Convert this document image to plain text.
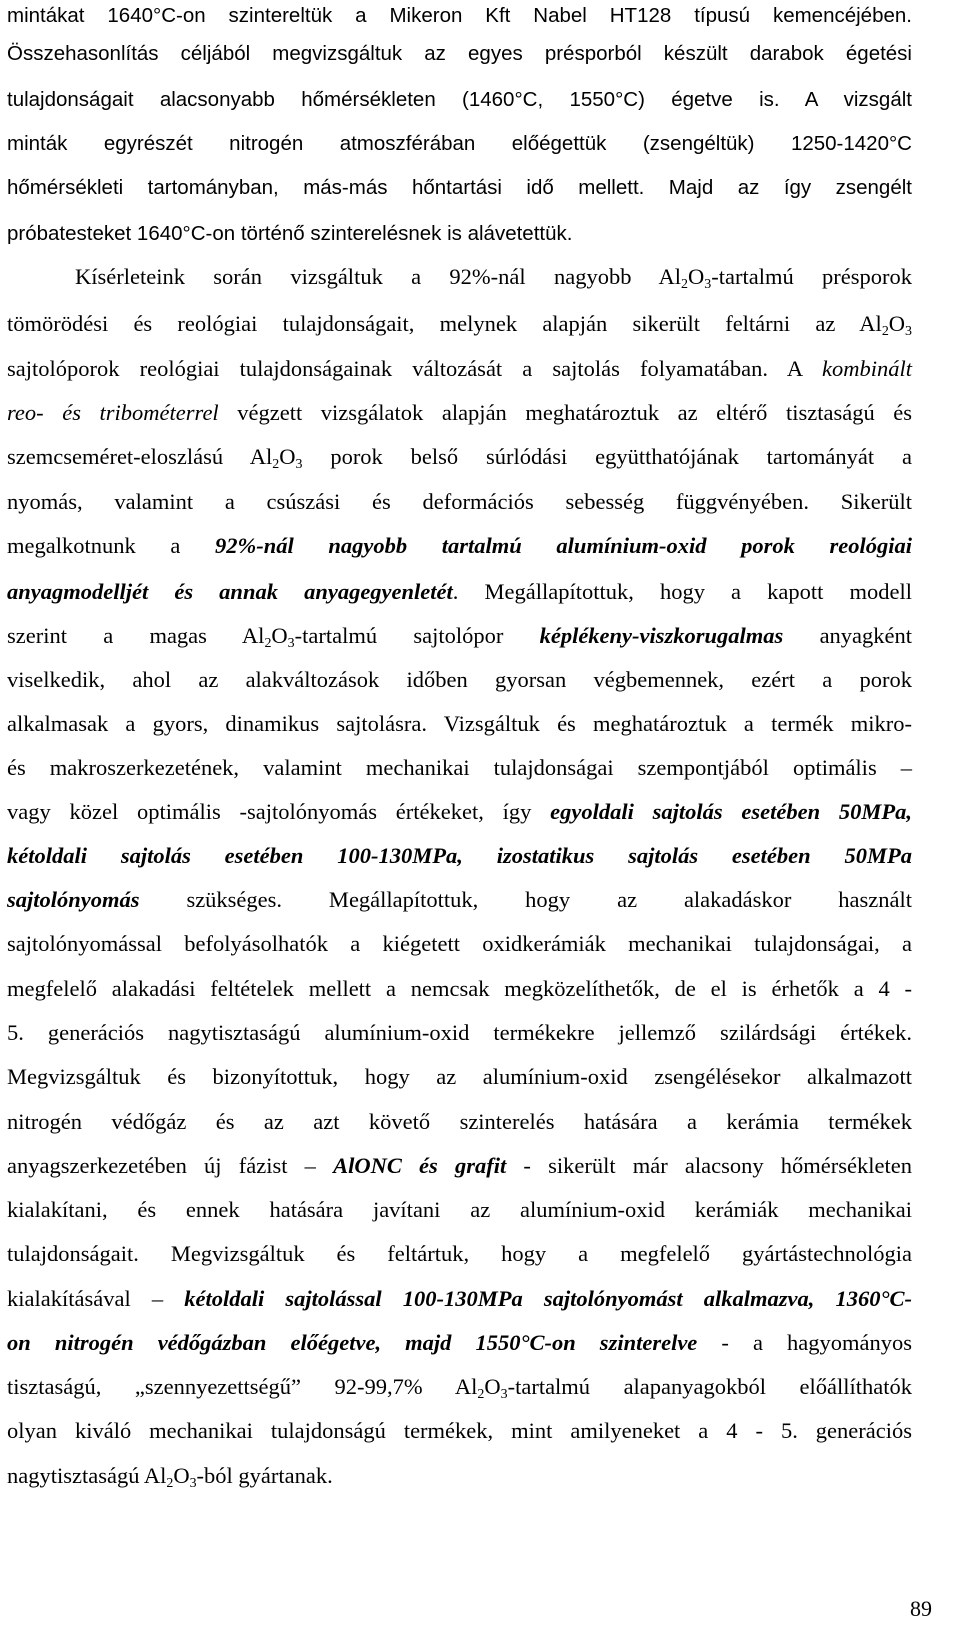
mintákat 1640°C-on szintereltük a Mikeron Kft Nabel HT128 típusú kemencéjében.
Összehasonlítás céljából megvizsgáltuk az egyes présporból készült darabok égetési
tulajdonságait alacsonyabb hőmérsékleten (1460°C, 1550°C) égetve is. A vizsgált
minták egyrészét nitrogén atmoszférában előégettük (zsengéltük) 1250-1420°C
hőmérsékleti tartományban, más-más hőntartási idő mellett. Majd az így zsengélt
próbatesteket 1640°C-on történő szinterelésnek is alávetettük.
Kísérleteink során vizsgáltuk a 92%-nál nagyobb $Al_2O_3$-tartalmú présporok
tömörödési és reológiai tulajdonságait, melynek alapján sikerült feltárni az $Al_2O_3$
sajtolóporok reológiai tulajdonságainak változását a sajtolás folyamatában. A kombinált
reo- és tribométerrel végzett vizsgálatok alapján meghatároztuk az eltérő tisztaságú és
szemcseméret-eloszlású $Al_2O_3$ porok belső súrlódási együtthatójának tartományát a
nyomás, valamint a csúszási és deformációs sebesség függvényében. Sikerült
megalkotnunk a 92%-nál nagyobb tartalmú alumínium-oxid porok reológiai
anyagmodelljét és annak anyagegyenletét. Megállapítottuk, hogy a kapott modell
szerint a magas $Al_2O_3$-tartalmú sajtolópor képlékeny-viszkorugalmas anyagként
viselkedik, ahol az alakváltozások időben gyorsan végbemennek, ezért a porok
alkalmasak a gyors, dinamikus sajtolásra. Vizsgáltuk és meghatároztuk a termék mikro-
és makroszerkezetének, valamint mechanikai tulajdonságai szempontjából optimális –
vagy közel optimális -sajtolónyomás értékeket, így egyoldali sajtolás esetében 50MPa,
kétoldali sajtolás esetében 100-130MPa, izostatikus sajtolás esetében 50MPa
sajtolónyomás szükséges. Megállapítottuk, hogy az alakadáskor használt
sajtolónyomással befolyásolhatók a kiégetett oxidkerámiák mechanikai tulajdonságai, a
megfelelő alakadási feltételek mellett a nemcsak megközelíthetők, de el is érhetők a 4 -
5. generációs nagytisztaságú alumínium-oxid termékekre jellemző szilárdsági értékek.
Megvizsgáltuk és bizonyítottuk, hogy az alumínium-oxid zsengélésekor alkalmazott
nitrogén védőgáz és az azt követő szinterelés hatására a kerámia termékek
anyagszerkezetében új fázist – AlONC és grafit - sikerült már alacsony hőmérsékleten
kialakítani, és ennek hatására javítani az alumínium-oxid kerámiák mechanikai
tulajdonságait. Megvizsgáltuk és feltártuk, hogy a megfelelő gyártástechnológia
kialakításával – kétoldali sajtolással 100-130MPa sajtolónyomást alkalmazva, 1360°C-
on nitrogén védőgázban előégetve, majd 1550°C-on szinterelve - a hagyományos
tisztaságú, „szennyezettségű” 92-99,7% $Al_2O_3$-tartalmú alapanyagokból előállíthatók
olyan kiváló mechanikai tulajdonságú termékek, mint amilyeneket a 4 - 5. generációs
nagytisztaságú $Al_2O_3$-ból gyártanak.
89
